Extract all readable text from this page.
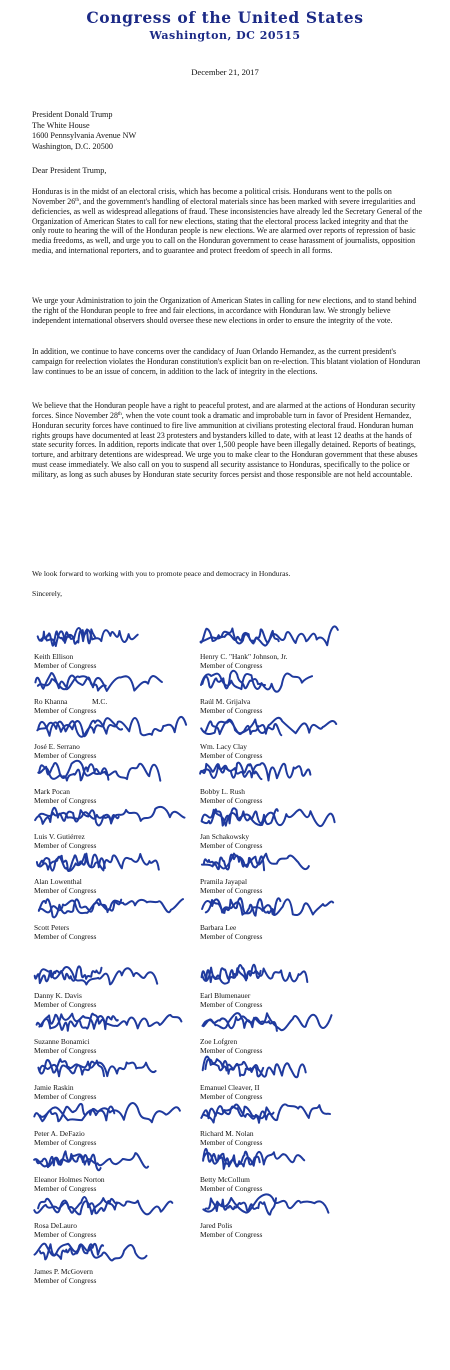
Congress of the United States
Washington, DC 20515
December 21, 2017
President Donald Trump
The White House
1600 Pennsylvania Avenue NW
Washington, D.C. 20500
Dear President Trump,
Honduras is in the midst of an electoral crisis, which has become a political crisis. Hondurans went to the polls on November 26th, and the government's handling of electoral materials since has been marked with severe irregularities and deficiencies, as well as widespread allegations of fraud. These inconsistencies have already led the Secretary General of the Organization of American States to call for new elections, stating that the electoral process lacked integrity and that the only route to hearing the will of the Honduran people is new elections. We are alarmed over reports of repression of basic media freedoms, as well, and urge you to call on the Honduran government to cease harassment of journalists, opposition media, and international reporters, and to guarantee and protect freedom of speech in all forms.
We urge your Administration to join the Organization of American States in calling for new elections, and to stand behind the right of the Honduran people to free and fair elections, in accordance with Honduran law. We strongly believe independent international observers should oversee these new elections in order to ensure the integrity of the vote.
In addition, we continue to have concerns over the candidacy of Juan Orlando Hernandez, as the current president's campaign for reelection violates the Honduran constitution's explicit ban on re-election. This blatant violation of Honduran law continues to be an issue of concern, in addition to the lack of integrity in the elections.
We believe that the Honduran people have a right to peaceful protest, and are alarmed at the actions of Honduran security forces. Since November 28th, when the vote count took a dramatic and improbable turn in favor of President Hernandez, Honduran security forces have continued to fire live ammunition at civilians protesting electoral fraud. Honduran human rights groups have documented at least 23 protesters and bystanders killed to date, with at least 12 deaths at the hands of state security forces. In addition, reports indicate that over 1,500 people have been illegally detained. Reports of beatings, torture, and arbitrary detentions are widespread. We urge you to make clear to the Honduran government that these abuses must cease immediately. We also call on you to suspend all security assistance to Honduras, specifically to the police or military, as long as such abuses by Honduran state security forces persist and those responsible are not held accountable.
We look forward to working with you to promote peace and democracy in Honduras.
Sincerely,
Keith Ellison
Member of Congress
Henry C. "Hank" Johnson, Jr.
Member of Congress
Ro Khanna
Member of Congress
M.C.	Raúl M. Grijalva
Member of Congress
José E. Serrano
Member of Congress
Wm. Lacy Clay
Member of Congress
Mark Pocan
Member of Congress
Bobby L. Rush
Member of Congress
Luis V. Gutiérrez
Member of Congress
Jan Schakowsky
Member of Congress
Alan Lowenthal
Member of Congress
Pramila Jayapal
Member of Congress
Scott Peters
Member of Congress
Barbara Lee
Member of Congress
Danny K. Davis
Member of Congress
Earl Blumenauer
Member of Congress
Suzanne Bonamici
Member of Congress
Zoe Lofgren
Member of Congress
Jamie Raskin
Member of Congress
Emanuel Cleaver, II
Member of Congress
Peter A. DeFazio
Member of Congress
Richard M. Nolan
Member of Congress
Eleanor Holmes Norton
Member of Congress
Betty McCollum
Member of Congress
Rosa DeLauro
Member of Congress
Jared Polis
Member of Congress
James P. McGovern
Member of Congress
